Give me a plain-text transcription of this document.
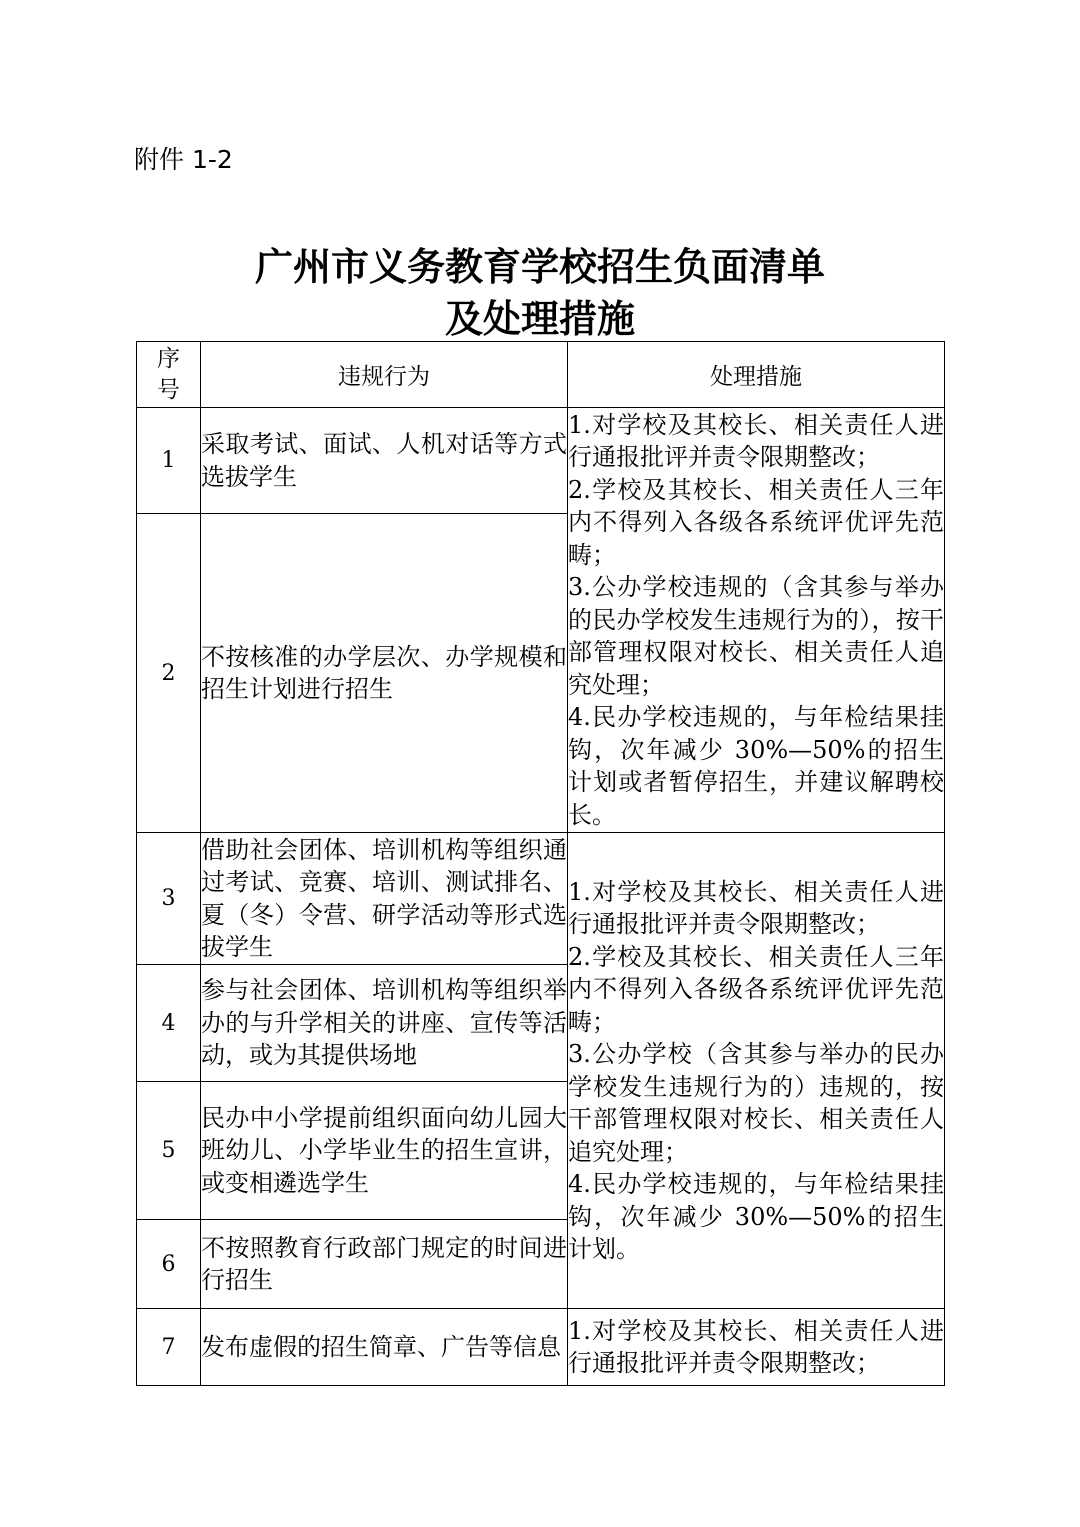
附件 1-2
广州市义务教育学校招生负面清单
及处理措施
序
号	违规行为	处理措施
1	采取考试、面试、人机对话等方式选拔学生	1.对学校及其校长、相关责任人进行通报批评并责令限期整改；
2.学校及其校长、相关责任人三年内不得列入各级各系统评优评先范畴；
3.公办学校违规的（含其参与举办的民办学校发生违规行为的），按干部管理权限对校长、相关责任人追究处理；
4.民办学校违规的，与年检结果挂钩，次年减少 30%—50%的招生计划或者暂停招生，并建议解聘校长。

2	不按核准的办学层次、办学规模和招生计划进行招生	
3	借助社会团体、培训机构等组织通过考试、竞赛、培训、测试排名、夏（冬）令营、研学活动等形式选拔学生	1.对学校及其校长、相关责任人进行通报批评并责令限期整改；
2.学校及其校长、相关责任人三年内不得列入各级各系统评优评先范畴；
3.公办学校（含其参与举办的民办学校发生违规行为的）违规的，按干部管理权限对校长、相关责任人追究处理；
4.民办学校违规的，与年检结果挂钩，次年减少 30%—50%的招生计划。

4	参与社会团体、培训机构等组织举办的与升学相关的讲座、宣传等活动，或为其提供场地	
5	民办中小学提前组织面向幼儿园大班幼儿、小学毕业生的招生宣讲，或变相遴选学生	
6	不按照教育行政部门规定的时间进行招生	
7	发布虚假的招生简章、广告等信息	1.对学校及其校长、相关责任人进行通报批评并责令限期整改；
